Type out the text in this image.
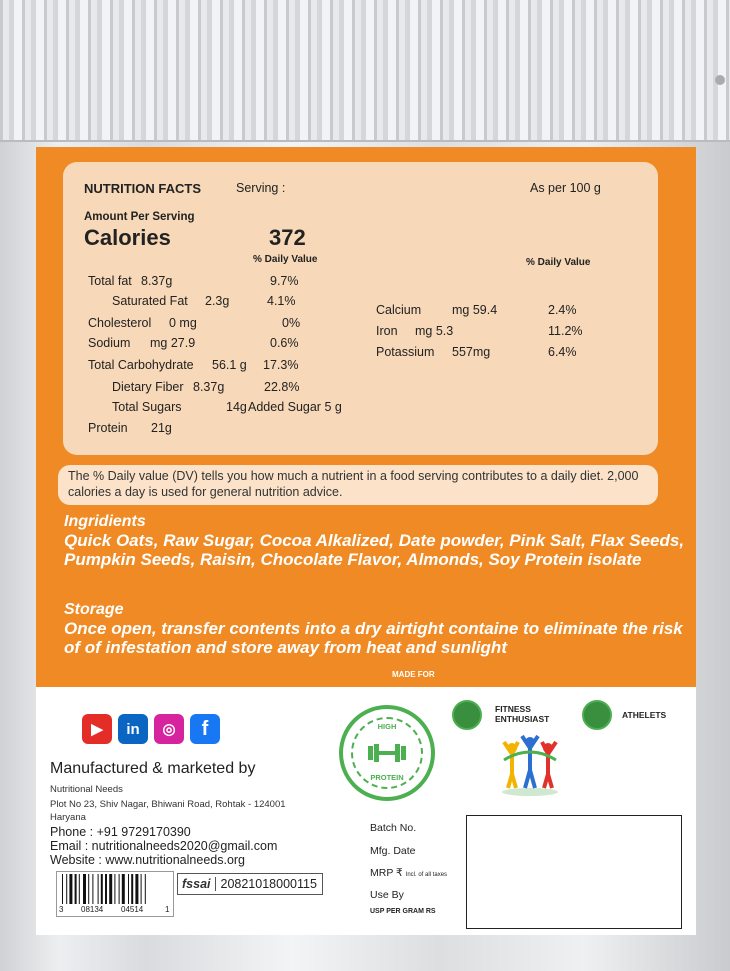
NUTRITION FACTS	Serving :	As per 100 g
Amount Per Serving
Calories	372
% Daily Value	% Daily Value
Total fat 8.37g	9.7%
Saturated Fat 2.3g	4.1%
Cholesterol 0 mg	0%
Sodium mg 27.9	0.6%
Total Carbohydrate 56.1 g 17.3%
Dietary Fiber 8.37g	22.8%
Total Sugars	14g Added Sugar 5 g
Protein 21g
Calcium mg 59.4	2.4%
Iron mg 5.3	11.2%
Potassium 557mg	6.4%
The % Daily value (DV) tells you how much a nutrient in a food serving contributes to a daily diet. 2,000 calories a day is used for general nutrition advice.
Ingridients
Quick Oats, Raw Sugar, Cocoa Alkalized, Date powder, Pink Salt, Flax Seeds, Pumpkin Seeds, Raisin, Chocolate Flavor, Almonds, Soy Protein isolate
Storage
Once open, transfer contents into a dry airtight containe to eliminate the risk of of infestation and store away from heat and sunlight
MADE FOR
▶ in ◎ f
Manufactured & marketed by
Nutritional Needs
Plot No 23, Shiv Nagar, Bhiwani Road, Rohtak - 124001
Haryana
Phone : +91 9729170390
Email : nutritionalneeds2020@gmail.com
Website : www.nutritionalneeds.org
HIGH
PROTEIN
FITNESS ENTHUSIAST	ATHELETS
3 08134 04514	1
fssai 20821018000115
Batch No.
Mfg. Date
MRP ₹ Incl. of all taxes
Use By
USP PER GRAM RS
